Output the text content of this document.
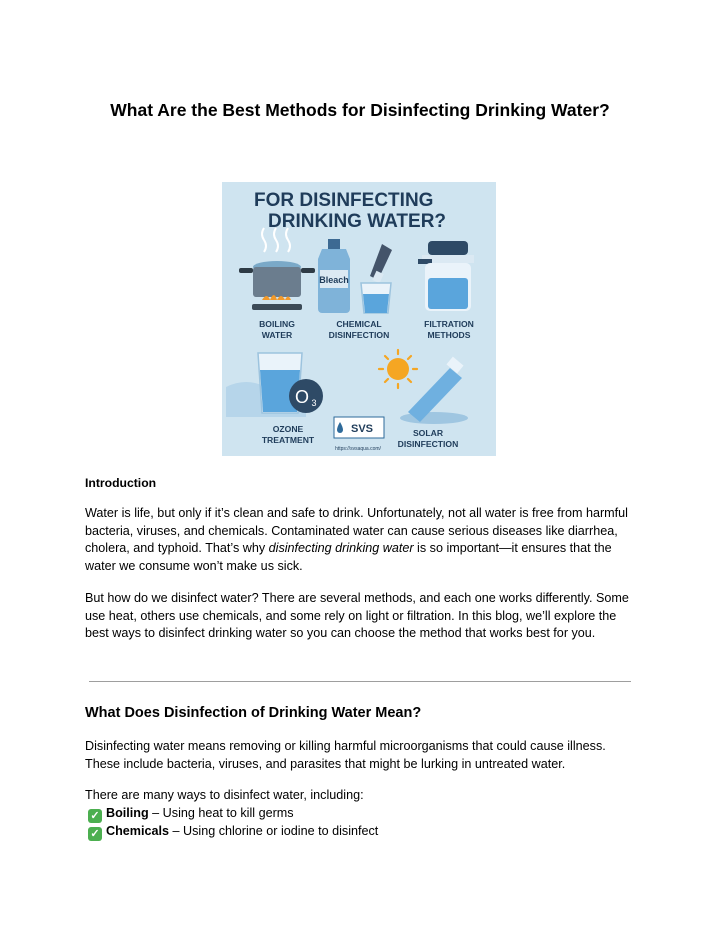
What Are the Best Methods for Disinfecting Drinking Water?
FOR DISINFECTING
DRINKING WATER?
Bleach
BOILING
WATER
CHEMICAL
DISINFECTION
FILTRATION
METHODS
O 3
OZONE
TREATMENT
SOLAR
DISINFECTION
SVS
https://svsaqua.com/
Introduction

Water is life, but only if it’s clean and safe to drink. Unfortunately, not all water is free from harmful bacteria, viruses, and chemicals. Contaminated water can cause serious diseases like diarrhea, cholera, and typhoid. That’s why disinfecting drinking water is so important—it ensures that the water we consume won’t make us sick.

But how do we disinfect water? There are several methods, and each one works differently. Some use heat, others use chemicals, and some rely on light or filtration. In this blog, we’ll explore the best ways to disinfect drinking water so you can choose the method that works best for you.

What Does Disinfection of Drinking Water Mean?

Disinfecting water means removing or killing harmful microorganisms that could cause illness. These include bacteria, viruses, and parasites that might be lurking in untreated water.

There are many ways to disinfect water, including:

✓ Boiling – Using heat to kill germs
✓ Chemicals – Using chlorine or iodine to disinfect
